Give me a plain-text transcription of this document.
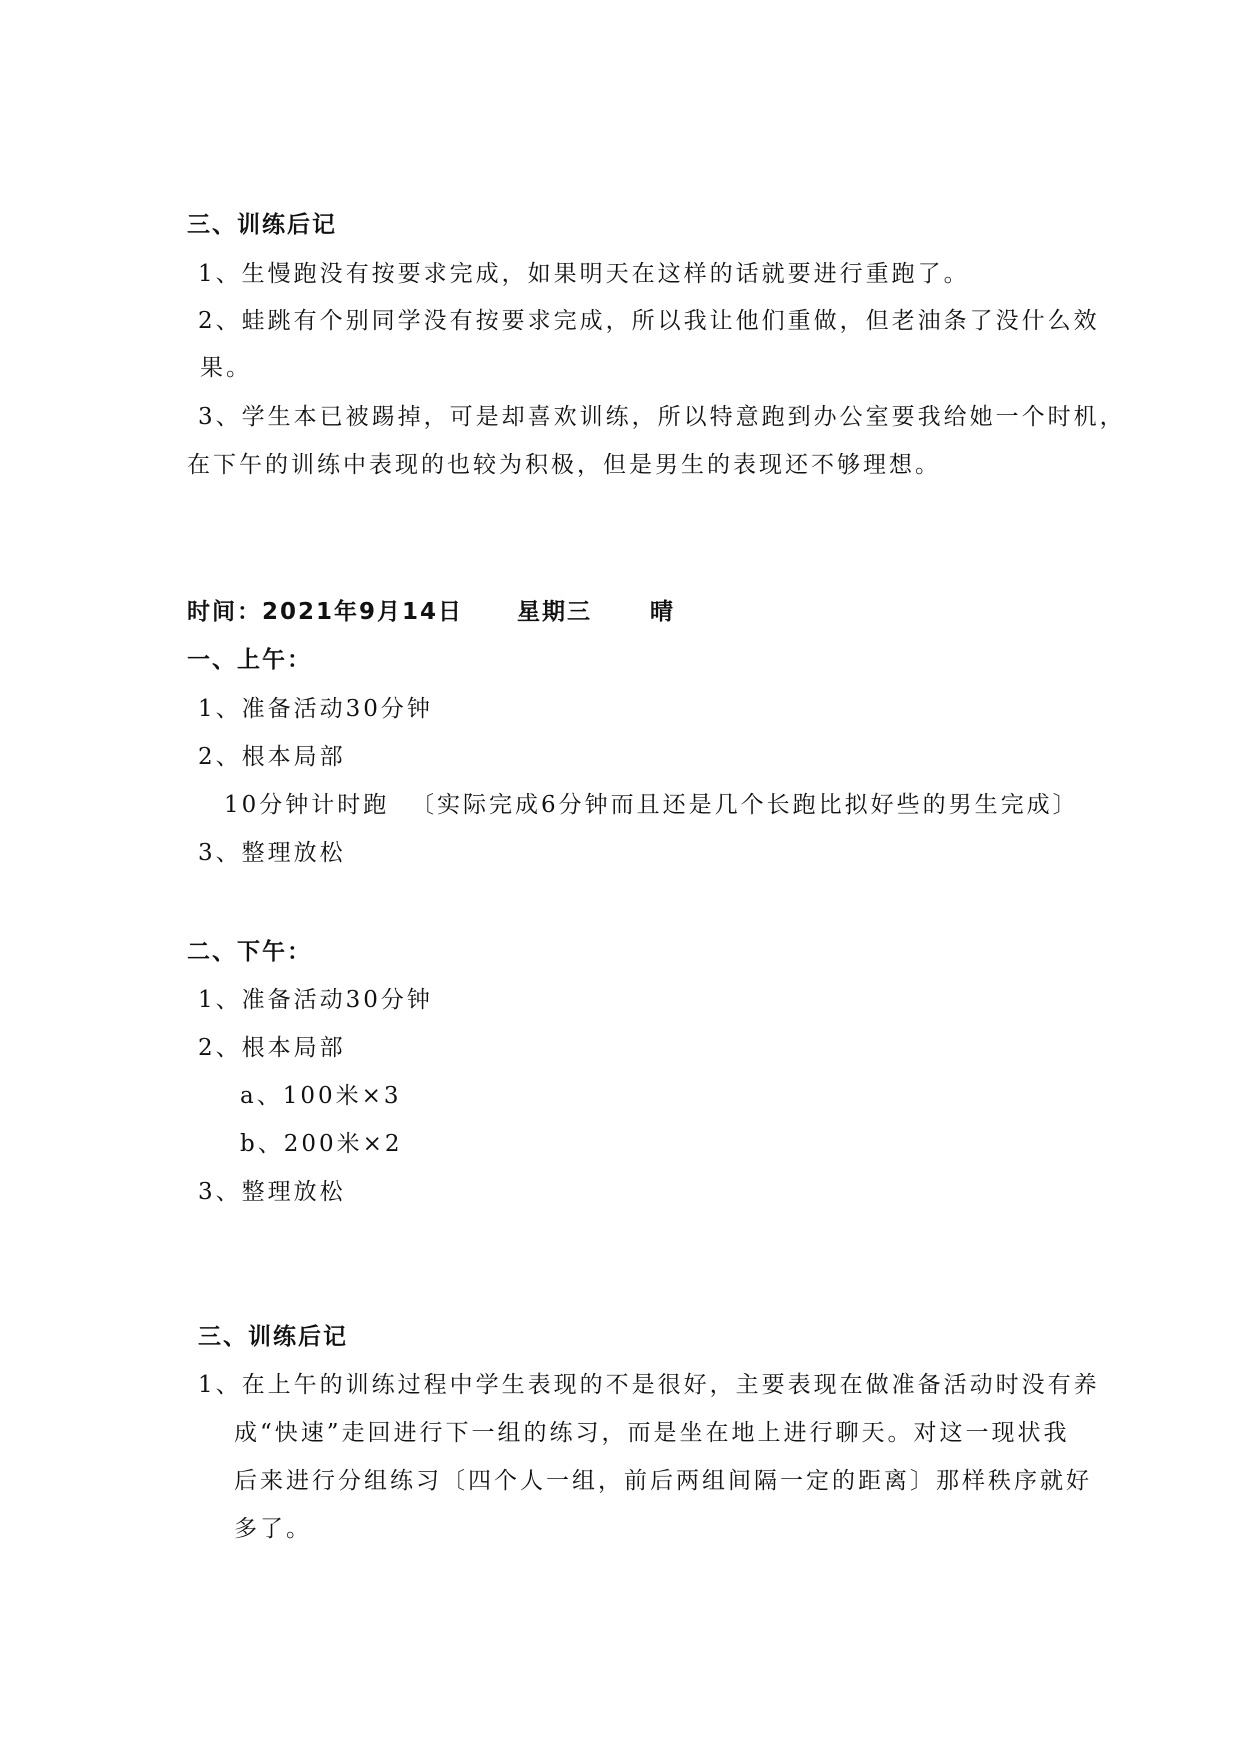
三、训练后记
1、生慢跑没有按要求完成，如果明天在这样的话就要进行重跑了。
2、蛙跳有个别同学没有按要求完成，所以我让他们重做，但老油条了没什么效
果。
3、学生本已被踢掉，可是却喜欢训练，所以特意跑到办公室要我给她一个时机，
在下午的训练中表现的也较为积极，但是男生的表现还不够理想。
时间：2021年9月14日 星期三	晴
一、上午：
1、准备活动30分钟
2、根本局部
10分钟计时跑 〔实际完成6分钟而且还是几个长跑比拟好些的男生完成〕
3、整理放松
二、下午：
1、准备活动30分钟
2、根本局部
a、100米×3
b、200米×2
3、整理放松
三、训练后记
1、在上午的训练过程中学生表现的不是很好，主要表现在做准备活动时没有养
成“快速”走回进行下一组的练习，而是坐在地上进行聊天。对这一现状我
后来进行分组练习〔四个人一组，前后两组间隔一定的距离〕那样秩序就好
多了。
